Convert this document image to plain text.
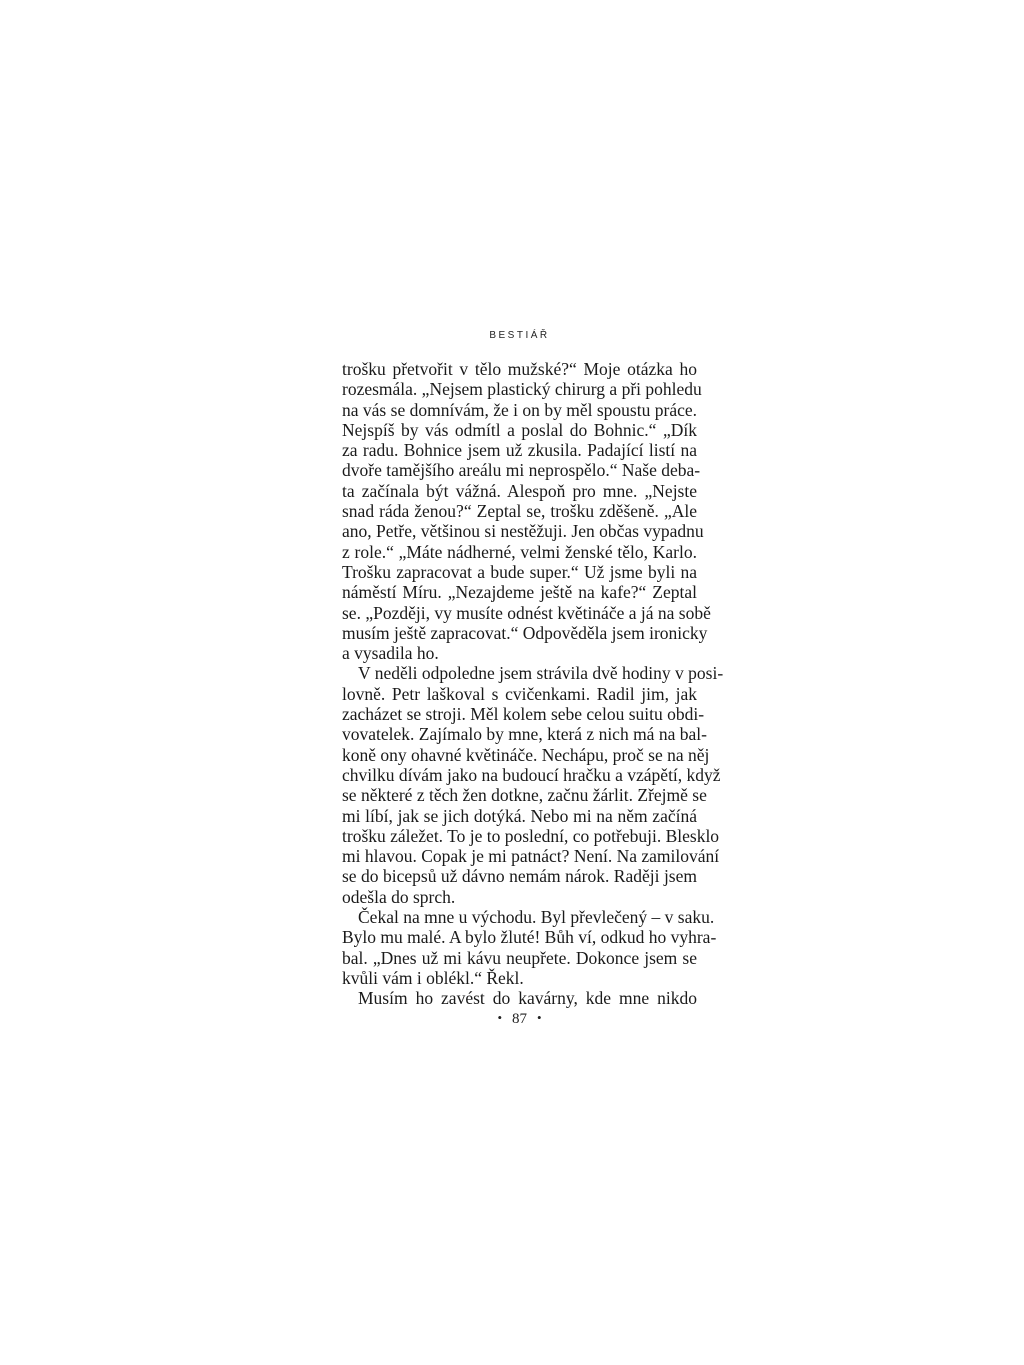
BESTIÁŘ
trošku přetvořit v tělo mužské?“ Moje otázka ho
rozesmála. „Nejsem plastický chirurg a při pohledu
na vás se domnívám, že i on by měl spoustu práce.
Nejspíš by vás odmítl a poslal do Bohnic.“ „Dík
za radu. Bohnice jsem už zkusila. Padající listí na
dvoře tamějšího areálu mi neprospělo.“ Naše deba-
ta začínala být vážná. Alespoň pro mne. „Nejste
snad ráda ženou?“ Zeptal se, trošku zděšeně. „Ale
ano, Petře, většinou si nestěžuji. Jen občas vypadnu
z role.“ „Máte nádherné, velmi ženské tělo, Karlo.
Trošku zapracovat a bude super.“ Už jsme byli na
náměstí Míru. „Nezajdeme ještě na kafe?“ Zeptal
se. „Později, vy musíte odnést květináče a já na sobě
musím ještě zapracovat.“ Odpověděla jsem ironicky
a vysadila ho.
V neděli odpoledne jsem strávila dvě hodiny v posi-
lovně. Petr laškoval s cvičenkami. Radil jim, jak
zacházet se stroji. Měl kolem sebe celou suitu obdi-
vovatelek. Zajímalo by mne, která z nich má na bal-
koně ony ohavné květináče. Nechápu, proč se na něj
chvilku dívám jako na budoucí hračku a vzápětí, když
se některé z těch žen dotkne, začnu žárlit. Zřejmě se
mi líbí, jak se jich dotýká. Nebo mi na něm začíná
trošku záležet. To je to poslední, co potřebuji. Blesklo
mi hlavou. Copak je mi patnáct? Není. Na zamilování
se do bicepsů už dávno nemám nárok. Raději jsem
odešla do sprch.
Čekal na mne u východu. Byl převlečený – v saku.
Bylo mu malé. A bylo žluté! Bůh ví, odkud ho vyhra-
bal. „Dnes už mi kávu neupřete. Dokonce jsem se
kvůli vám i oblékl.“ Řekl.
Musím ho zavést do kavárny, kde mne nikdo
• 87 •
